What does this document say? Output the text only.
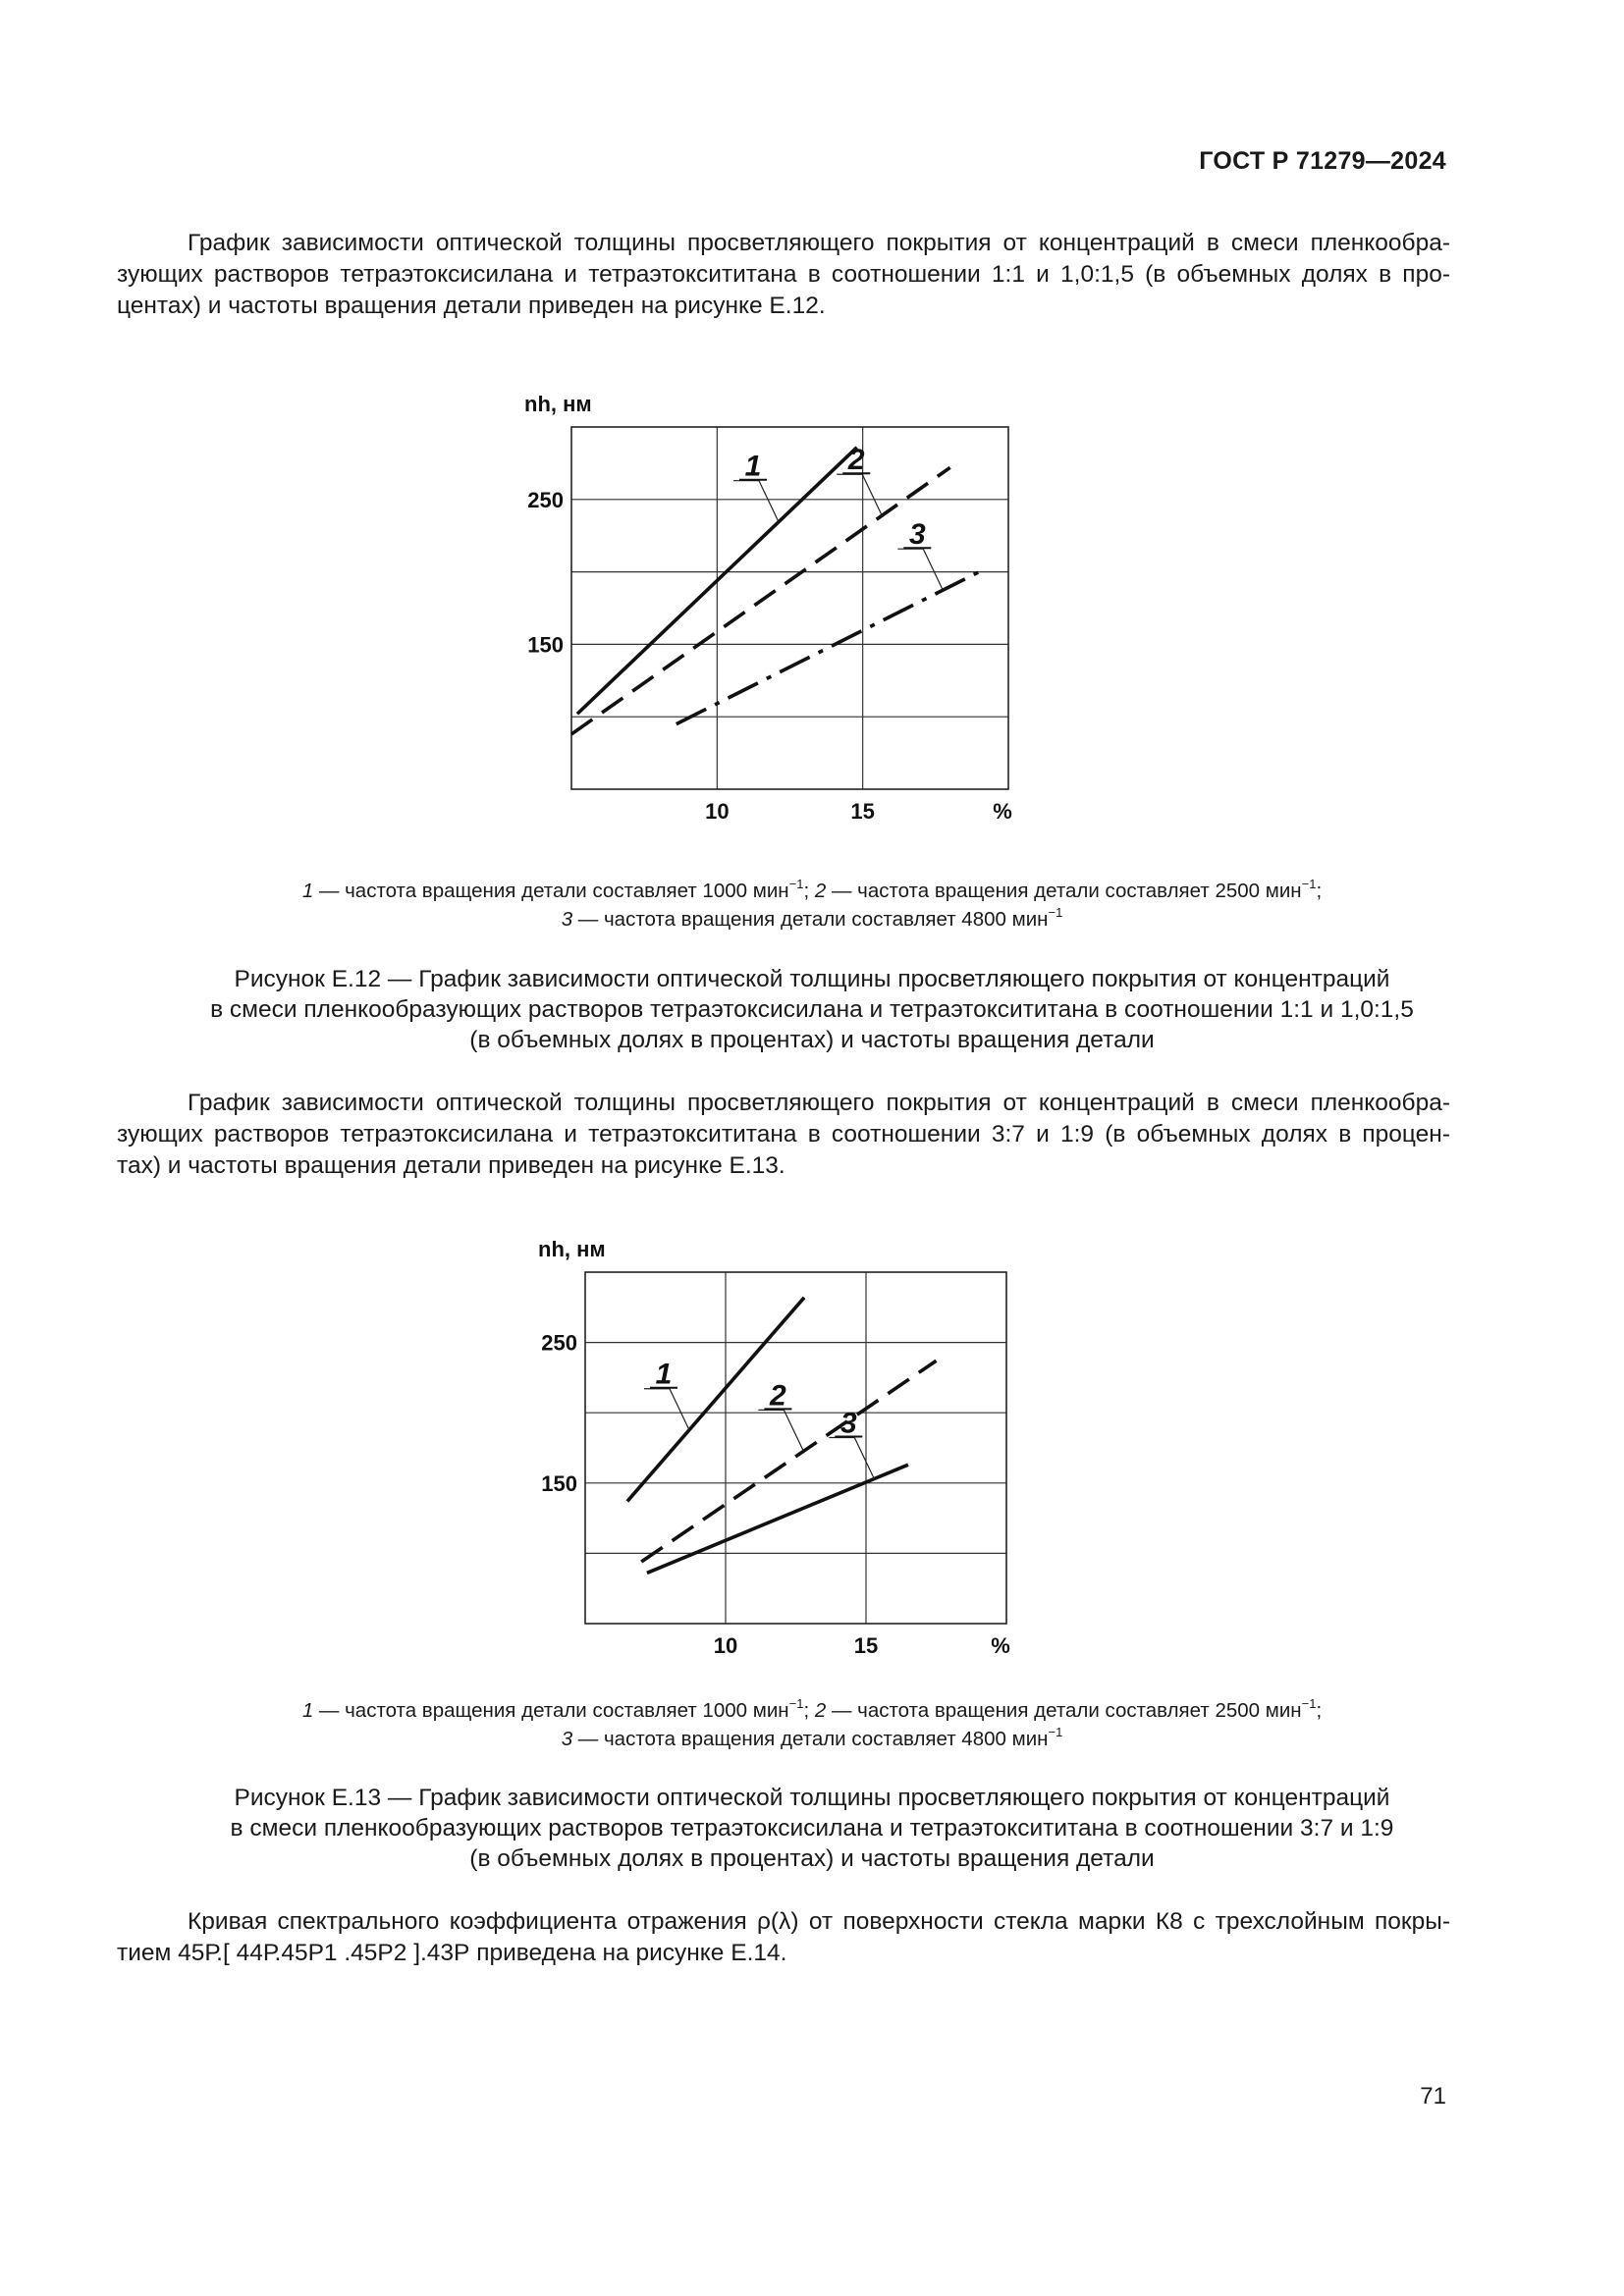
ГОСТ Р 71279—2024
График зависимости оптической толщины просветляющего покрытия от концентраций в смеси пленкообра-
зующих растворов тетраэтоксисилана и тетраэтоксититана в соотношении 1:1 и 1,0:1,5 (в объемных долях в про-
центах) и частоты вращения детали приведен на рисунке Е.12.
150
250
10	15	%
nh, нм
1	2
3
1 — частота вращения детали составляет 1000 мин$^{-1}$; 2 — частота вращения детали составляет 2500 мин$^{-1}$;
3 — частота вращения детали составляет 4800 мин$^{-1}$
Рисунок Е.12 — График зависимости оптической толщины просветляющего покрытия от концентраций
в смеси пленкообразующих растворов тетраэтоксисилана и тетраэтоксититана в соотношении 1:1 и 1,0:1,5
(в объемных долях в процентах) и частоты вращения детали
График зависимости оптической толщины просветляющего покрытия от концентраций в смеси пленкообра-
зующих растворов тетраэтоксисилана и тетраэтоксититана в соотношении 3:7 и 1:9 (в объемных долях в процен-
тах) и частоты вращения детали приведен на рисунке Е.13.
150
250
10	15	%
nh, нм
1
2
3
1 — частота вращения детали составляет 1000 мин$^{-1}$; 2 — частота вращения детали составляет 2500 мин$^{-1}$;
3 — частота вращения детали составляет 4800 мин$^{-1}$
Рисунок Е.13 — График зависимости оптической толщины просветляющего покрытия от концентраций
в смеси пленкообразующих растворов тетраэтоксисилана и тетраэтоксититана в соотношении 3:7 и 1:9
(в объемных долях в процентах) и частоты вращения детали
Кривая спектрального коэффициента отражения ρ(λ) от поверхности стекла марки К8 с трехслойным покры-
тием 45Р.[ 44Р.45Р1 .45Р2 ].43Р приведена на рисунке Е.14.
71
